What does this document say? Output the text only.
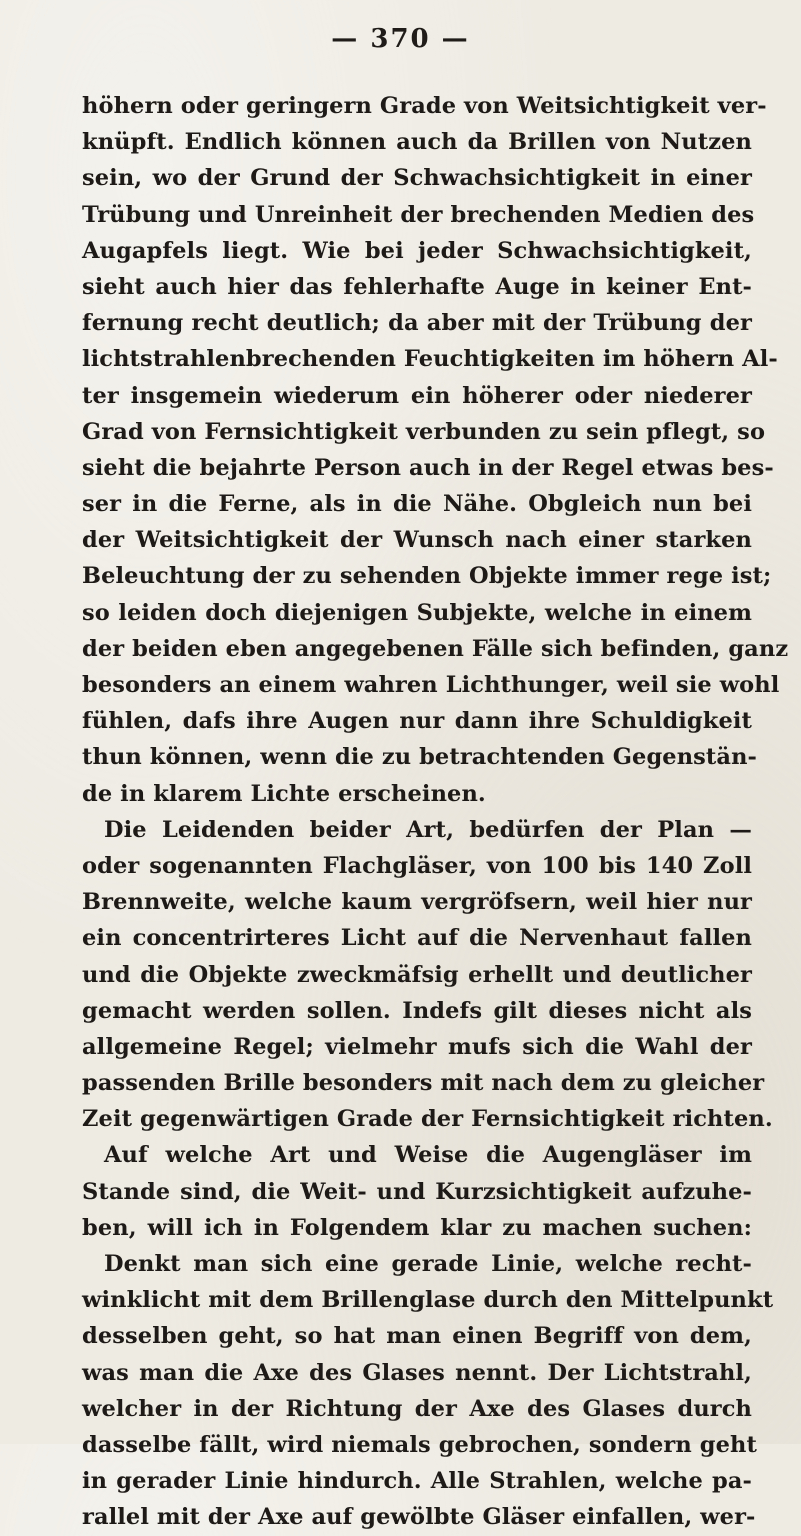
— 370 —
höhern oder geringern Grade von Weitsichtigkeit ver-
knüpft. Endlich können auch da Brillen von Nutzen
sein, wo der Grund der Schwachsichtigkeit in einer
Trübung und Unreinheit der brechenden Medien des
Augapfels liegt. Wie bei jeder Schwachsichtigkeit,
sieht auch hier das fehlerhafte Auge in keiner Ent-
fernung recht deutlich; da aber mit der Trübung der
lichtstrahlenbrechenden Feuchtigkeiten im höhern Al-
ter insgemein wiederum ein höherer oder niederer
Grad von Fernsichtigkeit verbunden zu sein pflegt, so
sieht die bejahrte Person auch in der Regel etwas bes-
ser in die Ferne, als in die Nähe. Obgleich nun bei
der Weitsichtigkeit der Wunsch nach einer starken
Beleuchtung der zu sehenden Objekte immer rege ist;
so leiden doch diejenigen Subjekte, welche in einem
der beiden eben angegebenen Fälle sich befinden, ganz
besonders an einem wahren Lichthunger, weil sie wohl
fühlen, dafs ihre Augen nur dann ihre Schuldigkeit
thun können, wenn die zu betrachtenden Gegenstän-
de in klarem Lichte erscheinen.
Die Leidenden beider Art, bedürfen der Plan —
oder sogenannten Flachgläser, von 100 bis 140 Zoll
Brennweite, welche kaum vergröfsern, weil hier nur
ein concentrirteres Licht auf die Nervenhaut fallen
und die Objekte zweckmäfsig erhellt und deutlicher
gemacht werden sollen. Indefs gilt dieses nicht als
allgemeine Regel; vielmehr mufs sich die Wahl der
passenden Brille besonders mit nach dem zu gleicher
Zeit gegenwärtigen Grade der Fernsichtigkeit richten.
Auf welche Art und Weise die Augengläser im
Stande sind, die Weit- und Kurzsichtigkeit aufzuhe-
ben, will ich in Folgendem klar zu machen suchen:
Denkt man sich eine gerade Linie, welche recht-
winklicht mit dem Brillenglase durch den Mittelpunkt
desselben geht, so hat man einen Begriff von dem,
was man die Axe des Glases nennt. Der Lichtstrahl,
welcher in der Richtung der Axe des Glases durch
dasselbe fällt, wird niemals gebrochen, sondern geht
in gerader Linie hindurch. Alle Strahlen, welche pa-
rallel mit der Axe auf gewölbte Gläser einfallen, wer-
